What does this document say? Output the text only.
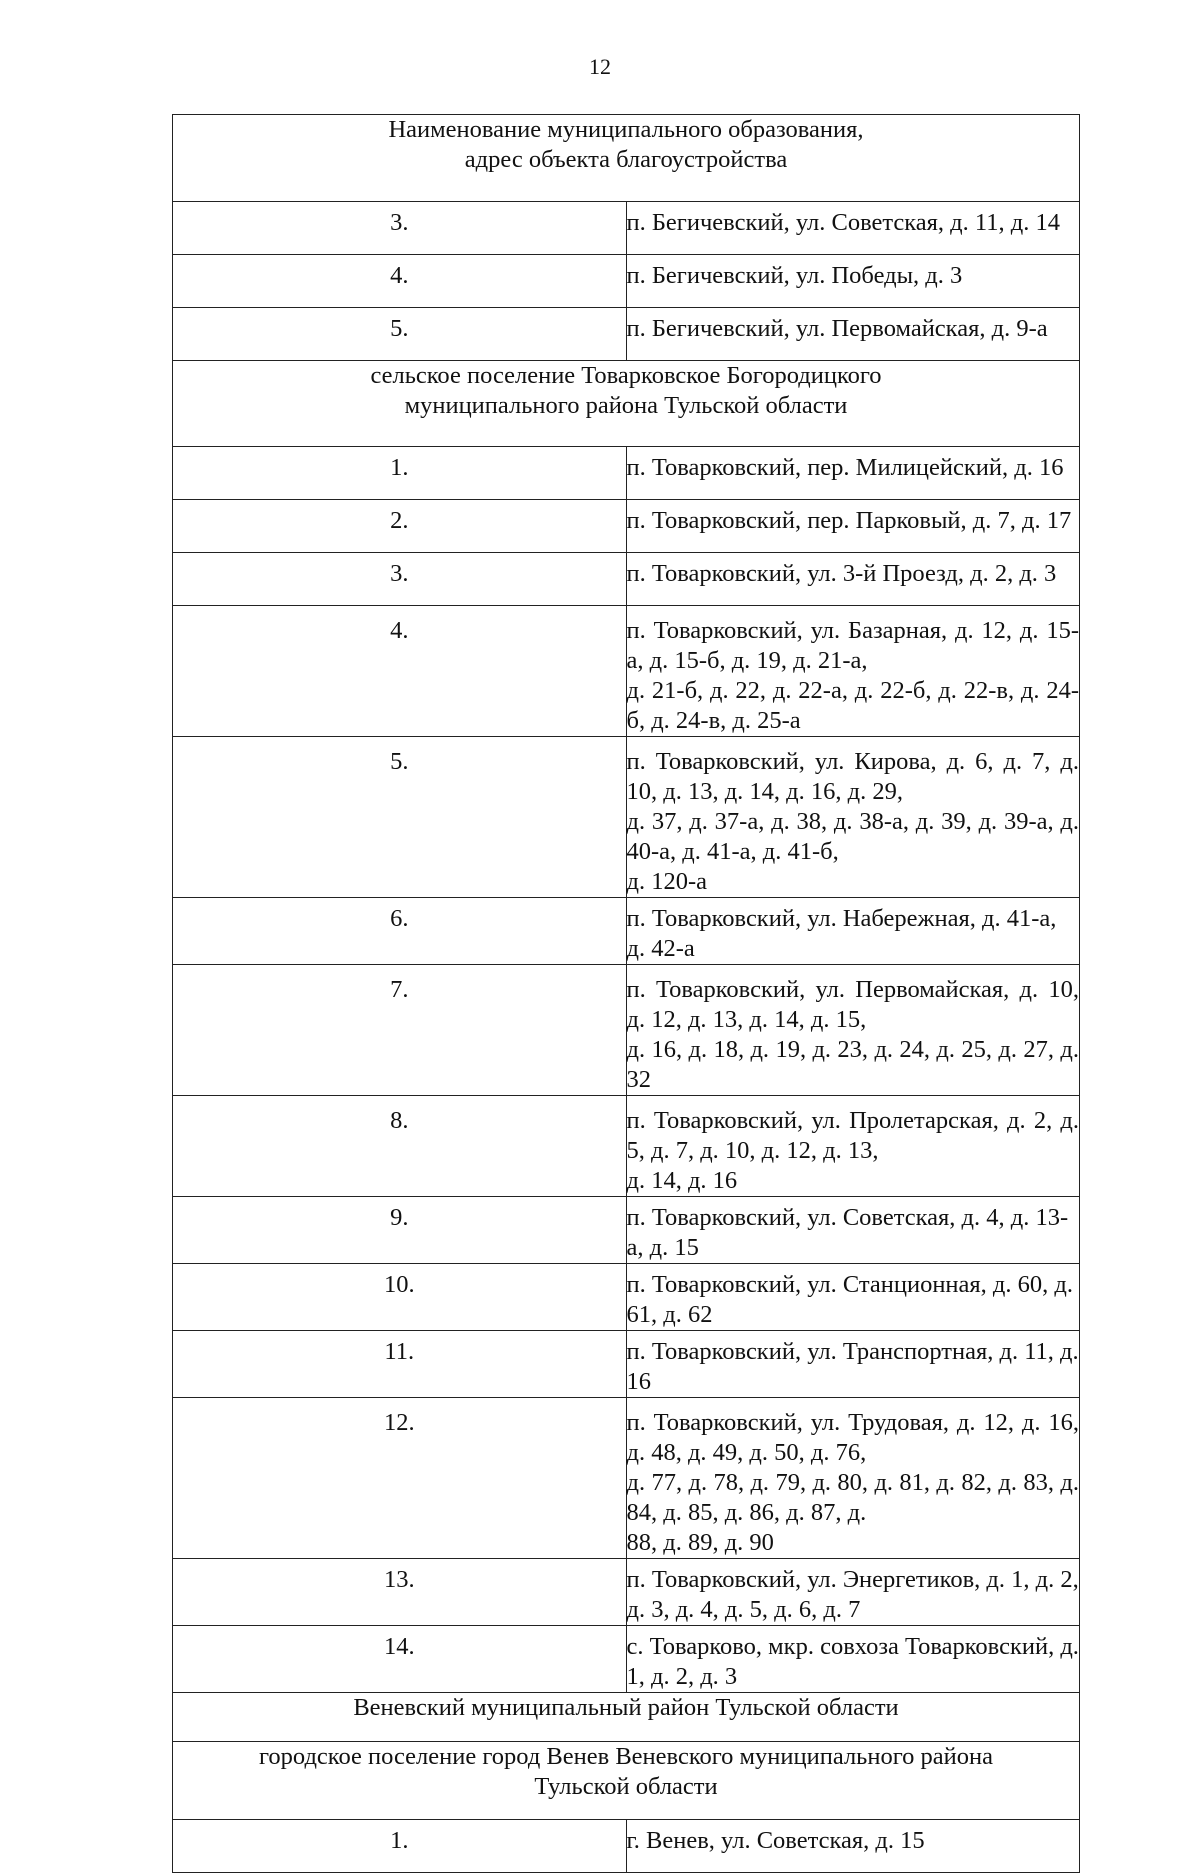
12
Наименование муниципального образования,
адрес объекта благоустройства	

3.	п. Бегичевский, ул. Советская, д. 11, д. 14
4.	п. Бегичевский, ул. Победы, д. 3
5.	п. Бегичевский, ул. Первомайская, д. 9-а

сельское поселение Товарковское Богородицкого
муниципального района Тульской области	

1.	п. Товарковский, пер. Милицейский, д. 16
2.	п. Товарковский, пер. Парковый, д. 7, д. 17
3.	п. Товарковский, ул. 3-й Проезд, д. 2, д. 3
4.	п. Товарковский, ул. Базарная, д. 12, д. 15-а, д. 15-б, д. 19, д. 21-а,
д. 21-б, д. 22, д. 22-а, д. 22-б, д. 22-в, д. 24-б, д. 24-в, д. 25-а

5.	п. Товарковский, ул. Кирова, д. 6, д. 7, д. 10, д. 13, д. 14, д. 16, д. 29,
д. 37, д. 37-а, д. 38, д. 38-а, д. 39, д. 39-а, д. 40-а, д. 41-а, д. 41-б,
д. 120-а

6.	п. Товарковский, ул. Набережная, д. 41-а, д. 42-а
7.	п. Товарковский, ул. Первомайская, д. 10, д. 12, д. 13, д. 14, д. 15,
д. 16, д. 18, д. 19, д. 23, д. 24, д. 25, д. 27, д. 32

8.	п. Товарковский, ул. Пролетарская, д. 2, д. 5, д. 7, д. 10, д. 12, д. 13,
д. 14, д. 16

9.	п. Товарковский, ул. Советская, д. 4, д. 13-а, д. 15
10.	п. Товарковский, ул. Станционная, д. 60, д. 61, д. 62
11.	п. Товарковский, ул. Транспортная, д. 11, д. 16
12.	п. Товарковский, ул. Трудовая, д. 12, д. 16, д. 48, д. 49, д. 50, д. 76,
д. 77, д. 78, д. 79, д. 80, д. 81, д. 82, д. 83, д. 84, д. 85, д. 86, д. 87, д.
88, д. 89, д. 90

13.	п. Товарковский, ул. Энергетиков, д. 1, д. 2, д. 3, д. 4, д. 5, д. 6, д. 7
14.	с. Товарково, мкр. совхоза Товарковский, д. 1, д. 2, д. 3
Веневский муниципальный район Тульской области	

городское поселение город Венев Веневского муниципального района
Тульской области	

1.	г. Венев, ул. Советская, д. 15
